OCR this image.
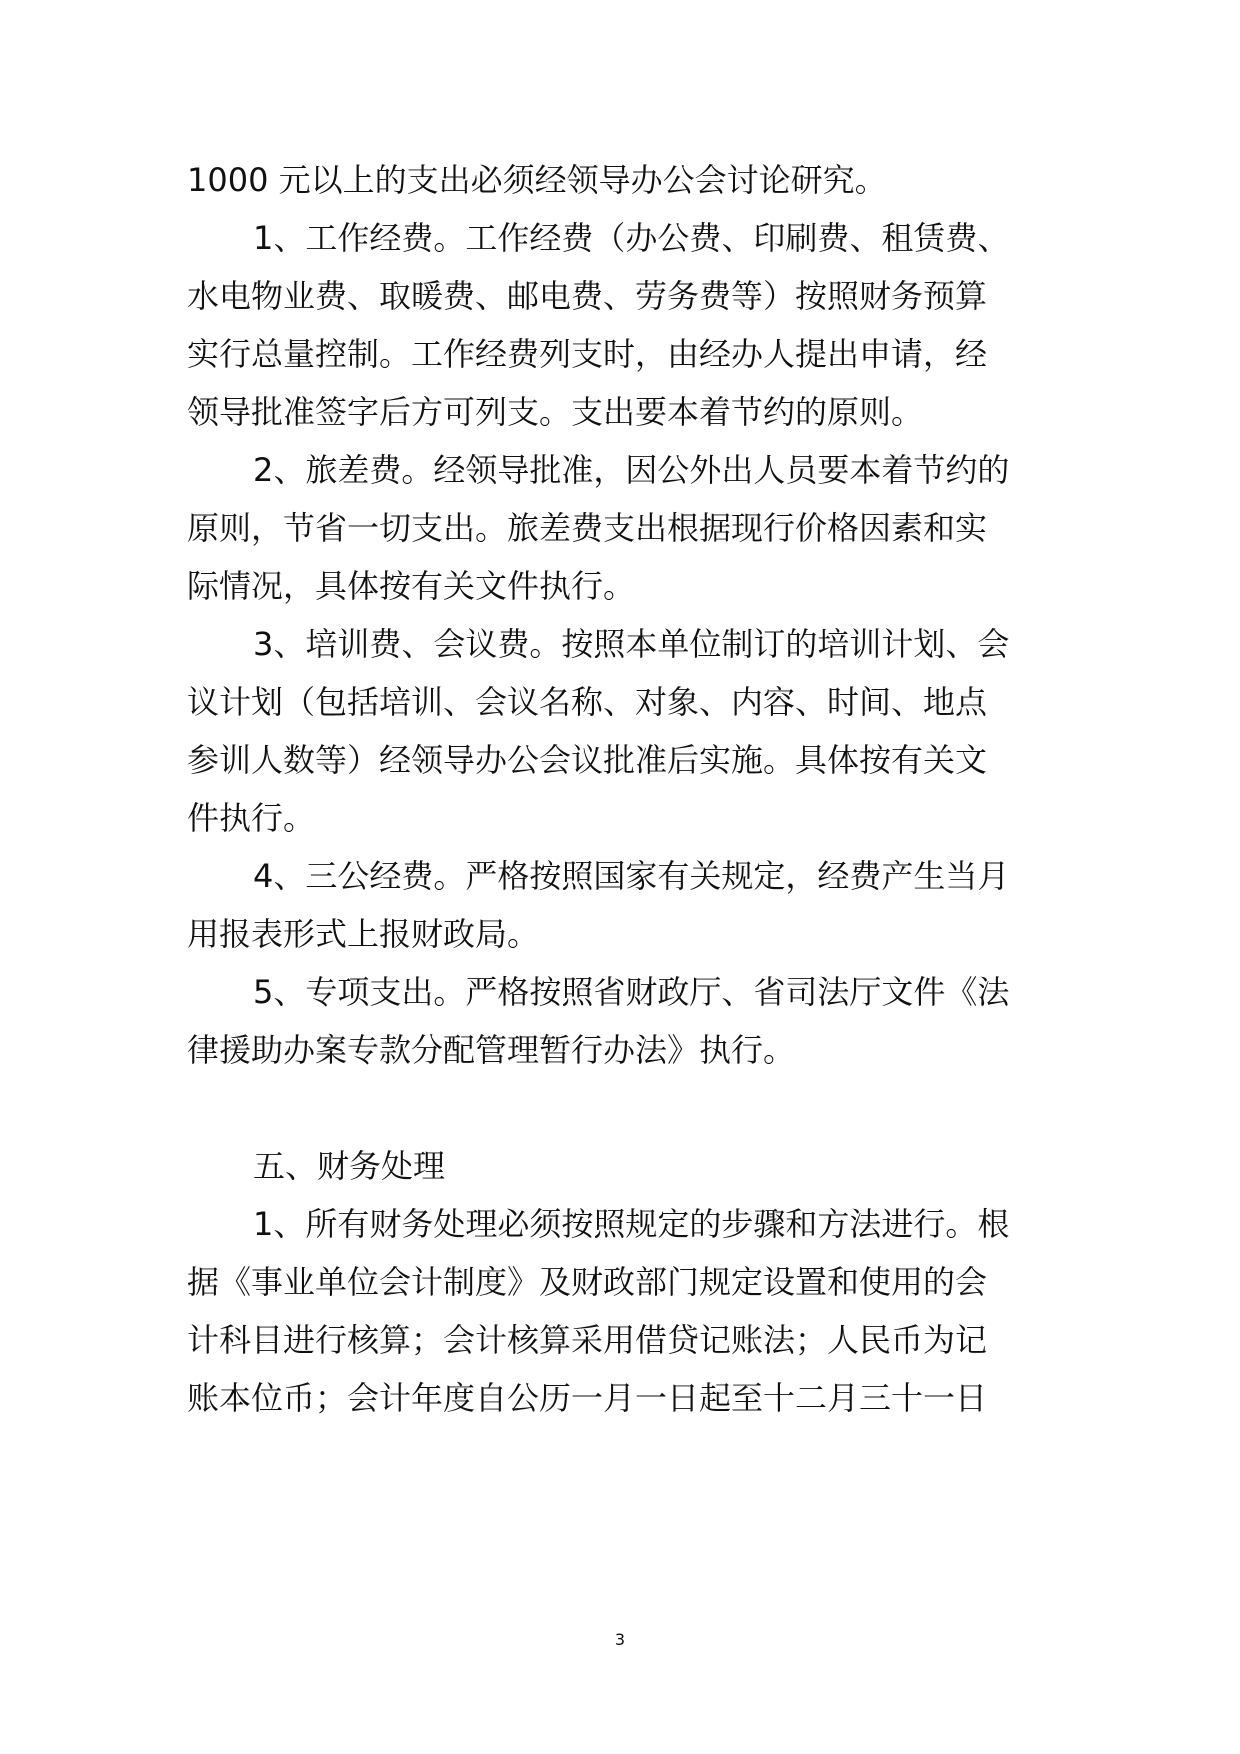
1000 元以上的支出必须经领导办公会讨论研究。
1、工作经费。工作经费（办公费、印刷费、租赁费、
水电物业费、取暖费、邮电费、劳务费等）按照财务预算
实行总量控制。工作经费列支时，由经办人提出申请，经
领导批准签字后方可列支。支出要本着节约的原则。
2、旅差费。经领导批准，因公外出人员要本着节约的
原则，节省一切支出。旅差费支出根据现行价格因素和实
际情况，具体按有关文件执行。
3、培训费、会议费。按照本单位制订的培训计划、会
议计划（包括培训、会议名称、对象、内容、时间、地点
参训人数等）经领导办公会议批准后实施。具体按有关文
件执行。
4、三公经费。严格按照国家有关规定，经费产生当月
用报表形式上报财政局。
5、专项支出。严格按照省财政厅、省司法厅文件《法
律援助办案专款分配管理暂行办法》执行。
五、财务处理
1、所有财务处理必须按照规定的步骤和方法进行。根
据《事业单位会计制度》及财政部门规定设置和使用的会
计科目进行核算；会计核算采用借贷记账法；人民币为记
账本位币；会计年度自公历一月一日起至十二月三十一日
3
